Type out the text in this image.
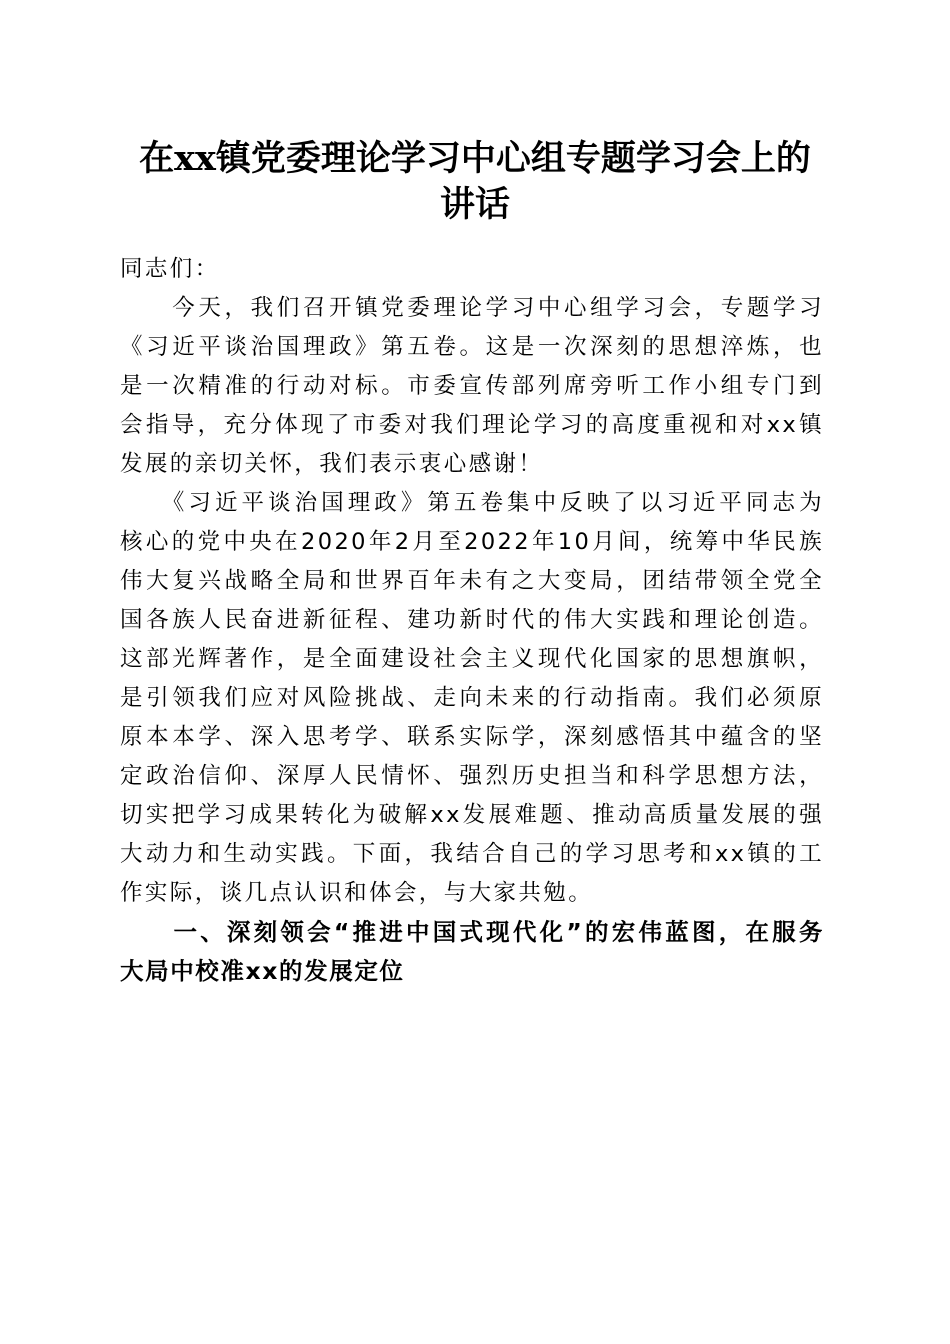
在xx镇党委理论学习中心组专题学习会上的
讲话
同志们：
　　今天，我们召开镇党委理论学习中心组学习会，专题学习
《习近平谈治国理政》第五卷。这是一次深刻的思想淬炼，也
是一次精准的行动对标。市委宣传部列席旁听工作小组专门到
会指导，充分体现了市委对我们理论学习的高度重视和对xx镇
发展的亲切关怀，我们表示衷心感谢！
　　《习近平谈治国理政》第五卷集中反映了以习近平同志为
核心的党中央在2020年2月至2022年10月间，统筹中华民族
伟大复兴战略全局和世界百年未有之大变局，团结带领全党全
国各族人民奋进新征程、建功新时代的伟大实践和理论创造。
这部光辉著作，是全面建设社会主义现代化国家的思想旗帜，
是引领我们应对风险挑战、走向未来的行动指南。我们必须原
原本本学、深入思考学、联系实际学，深刻感悟其中蕴含的坚
定政治信仰、深厚人民情怀、强烈历史担当和科学思想方法，
切实把学习成果转化为破解xx发展难题、推动高质量发展的强
大动力和生动实践。下面，我结合自己的学习思考和xx镇的工
作实际，谈几点认识和体会，与大家共勉。
　　一、深刻领会“推进中国式现代化”的宏伟蓝图，在服务
大局中校准xx的发展定位
